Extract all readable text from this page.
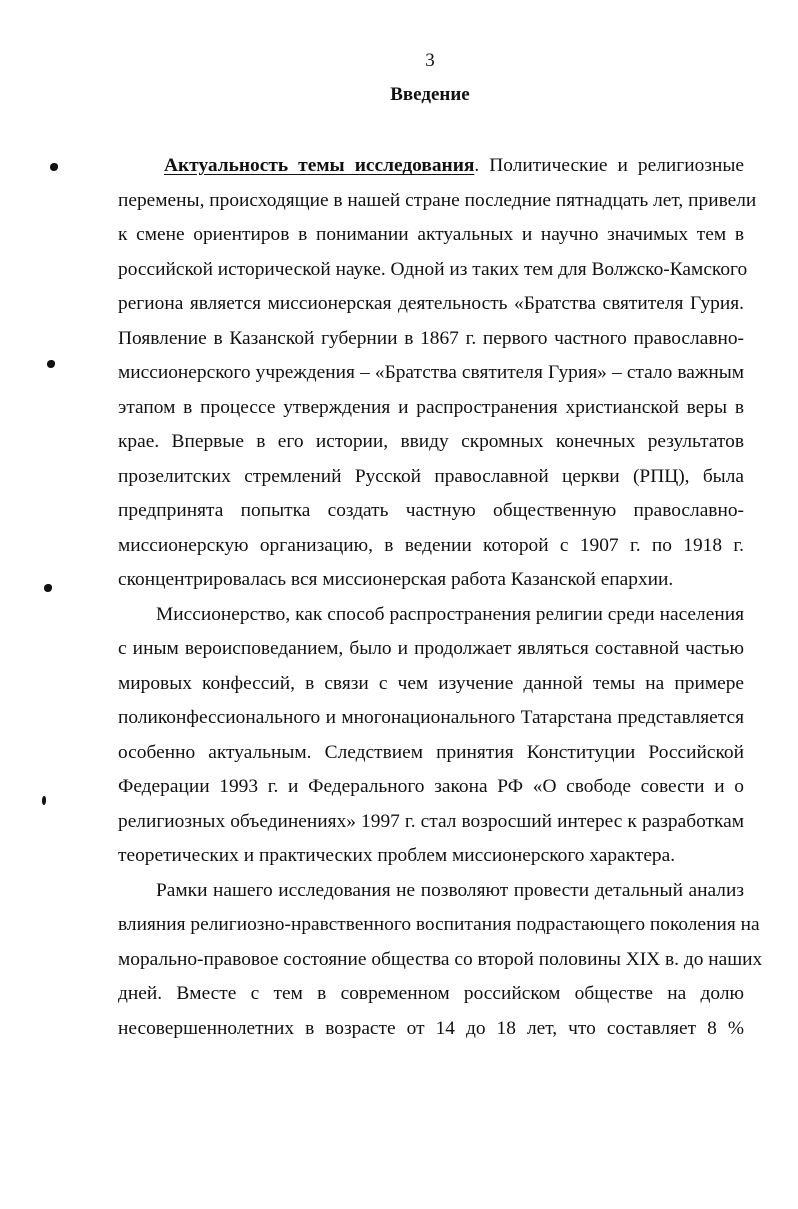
3
Введение
Актуальность темы исследования. Политические и религиозные
перемены, происходящие в нашей стране последние пятнадцать лет, привели
к смене ориентиров в понимании актуальных и научно значимых тем в
российской исторической науке. Одной из таких тем для Волжско-Камского
региона является миссионерская деятельность «Братства святителя Гурия.
Появление в Казанской губернии в 1867 г. первого частного православно-
миссионерского учреждения – «Братства святителя Гурия» – стало важным
этапом в процессе утверждения и распространения христианской веры в
крае. Впервые в его истории, ввиду скромных конечных результатов
прозелитских стремлений Русской православной церкви (РПЦ), была
предпринята попытка создать частную общественную православно-
миссионерскую организацию, в ведении которой с 1907 г. по 1918 г.
сконцентрировалась вся миссионерская работа Казанской епархии.
Миссионерство, как способ распространения религии среди населения
с иным вероисповеданием, было и продолжает являться составной частью
мировых конфессий, в связи с чем изучение данной темы на примере
поликонфессионального и многонационального Татарстана представляется
особенно актуальным. Следствием принятия Конституции Российской
Федерации 1993 г. и Федерального закона РФ «О свободе совести и о
религиозных объединениях» 1997 г. стал возросший интерес к разработкам
теоретических и практических проблем миссионерского характера.
Рамки нашего исследования не позволяют провести детальный анализ
влияния религиозно-нравственного воспитания подрастающего поколения на
морально-правовое состояние общества со второй половины XIX в. до наших
дней. Вместе с тем в современном российском обществе на долю
несовершеннолетних в возрасте от 14 до 18 лет, что составляет 8 %
